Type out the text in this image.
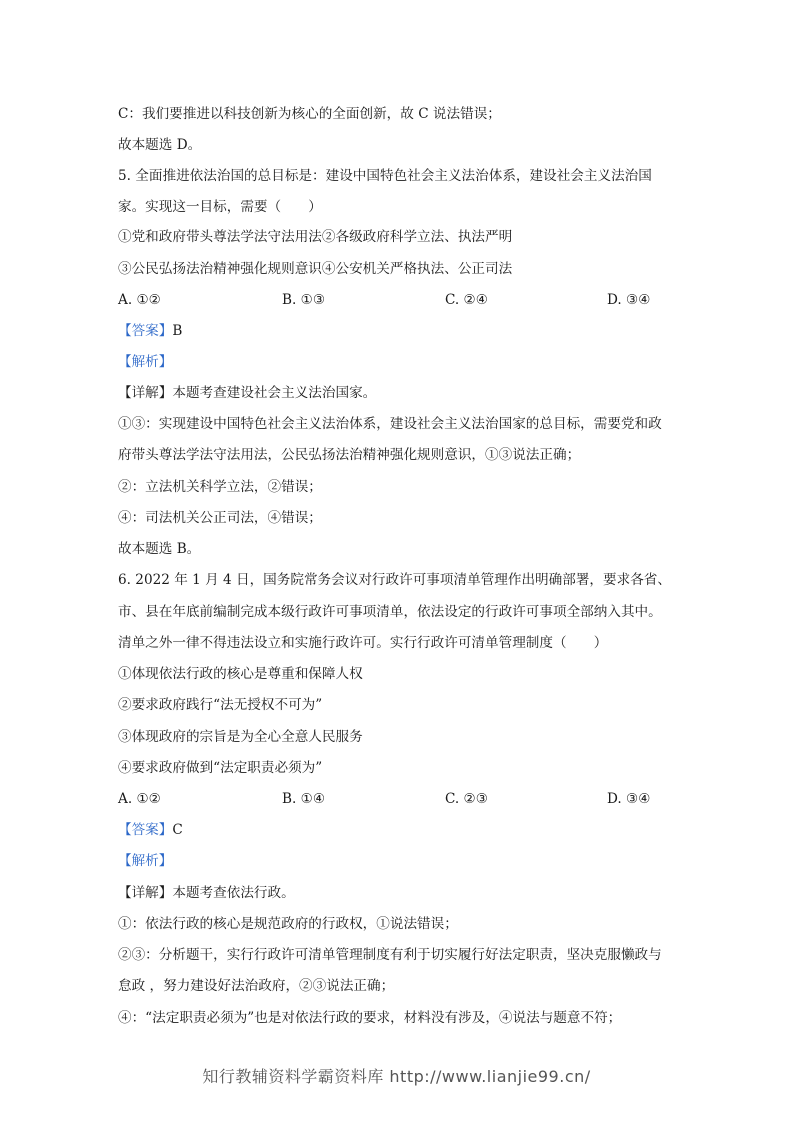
C：我们要推进以科技创新为核心的全面创新，故 C 说法错误；
故本题选 D。
5. 全面推进依法治国的总目标是：建设中国特色社会主义法治体系，建设社会主义法治国
家。实现这一目标，需要（　　）
①党和政府带头尊法学法守法用法②各级政府科学立法、执法严明
③公民弘扬法治精神强化规则意识④公安机关严格执法、公正司法
A. ①②	B. ①③	C. ②④	D. ③④
【答案】B
【解析】
【详解】本题考查建设社会主义法治国家。
①③：实现建设中国特色社会主义法治体系，建设社会主义法治国家的总目标，需要党和政
府带头尊法学法守法用法，公民弘扬法治精神强化规则意识，①③说法正确；
②：立法机关科学立法，②错误；
④：司法机关公正司法，④错误；
故本题选 B。
6. 2022 年 1 月 4 日，国务院常务会议对行政许可事项清单管理作出明确部署，要求各省、
市、县在年底前编制完成本级行政许可事项清单，依法设定的行政许可事项全部纳入其中。
清单之外一律不得违法设立和实施行政许可。实行行政许可清单管理制度（　　）
①体现依法行政的核心是尊重和保障人权
②要求政府践行“法无授权不可为”
③体现政府的宗旨是为全心全意人民服务
④要求政府做到“法定职责必须为”
A. ①②	B. ①④	C. ②③	D. ③④
【答案】C
【解析】
【详解】本题考查依法行政。
①：依法行政的核心是规范政府的行政权，①说法错误；
②③：分析题干，实行行政许可清单管理制度有利于切实履行好法定职责，坚决克服懒政与
怠政 ，努力建设好法治政府，②③说法正确；
④：“法定职责必须为”也是对依法行政的要求，材料没有涉及，④说法与题意不符；
知行教辅资料学霸资料库 http://www.lianjie99.cn/
